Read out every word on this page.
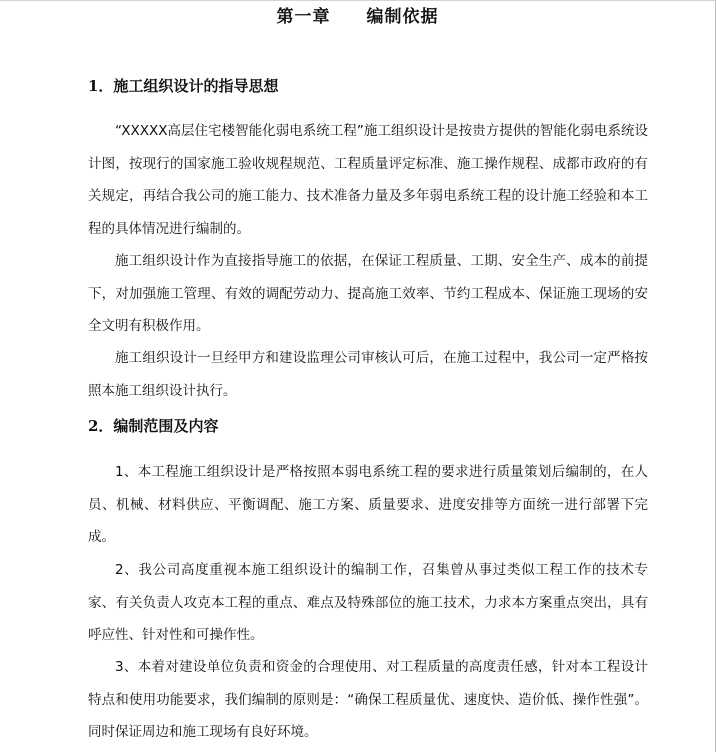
第一章　　编制依据
1．施工组织设计的指导思想

“XXXXX高层住宅楼智能化弱电系统工程”施工组织设计是按贵方提供的智能化弱电系统设计图，按现行的国家施工验收规程规范、工程质量评定标准、施工操作规程、成都市政府的有关规定，再结合我公司的施工能力、技术准备力量及多年弱电系统工程的设计施工经验和本工程的具体情况进行编制的。

施工组织设计作为直接指导施工的依据，在保证工程质量、工期、安全生产、成本的前提下，对加强施工管理、有效的调配劳动力、提高施工效率、节约工程成本、保证施工现场的安全文明有积极作用。

施工组织设计一旦经甲方和建设监理公司审核认可后，在施工过程中，我公司一定严格按照本施工组织设计执行。

2．编制范围及内容

1、本工程施工组织设计是严格按照本弱电系统工程的要求进行质量策划后编制的，在人员、机械、材料供应、平衡调配、施工方案、质量要求、进度安排等方面统一进行部署下完成。

2、我公司高度重视本施工组织设计的编制工作，召集曾从事过类似工程工作的技术专家、有关负责人攻克本工程的重点、难点及特殊部位的施工技术，力求本方案重点突出，具有呼应性、针对性和可操作性。

3、本着对建设单位负责和资金的合理使用、对工程质量的高度责任感，针对本工程设计特点和使用功能要求，我们编制的原则是：“确保工程质量优、速度快、造价低、操作性强”。同时保证周边和施工现场有良好环境。
